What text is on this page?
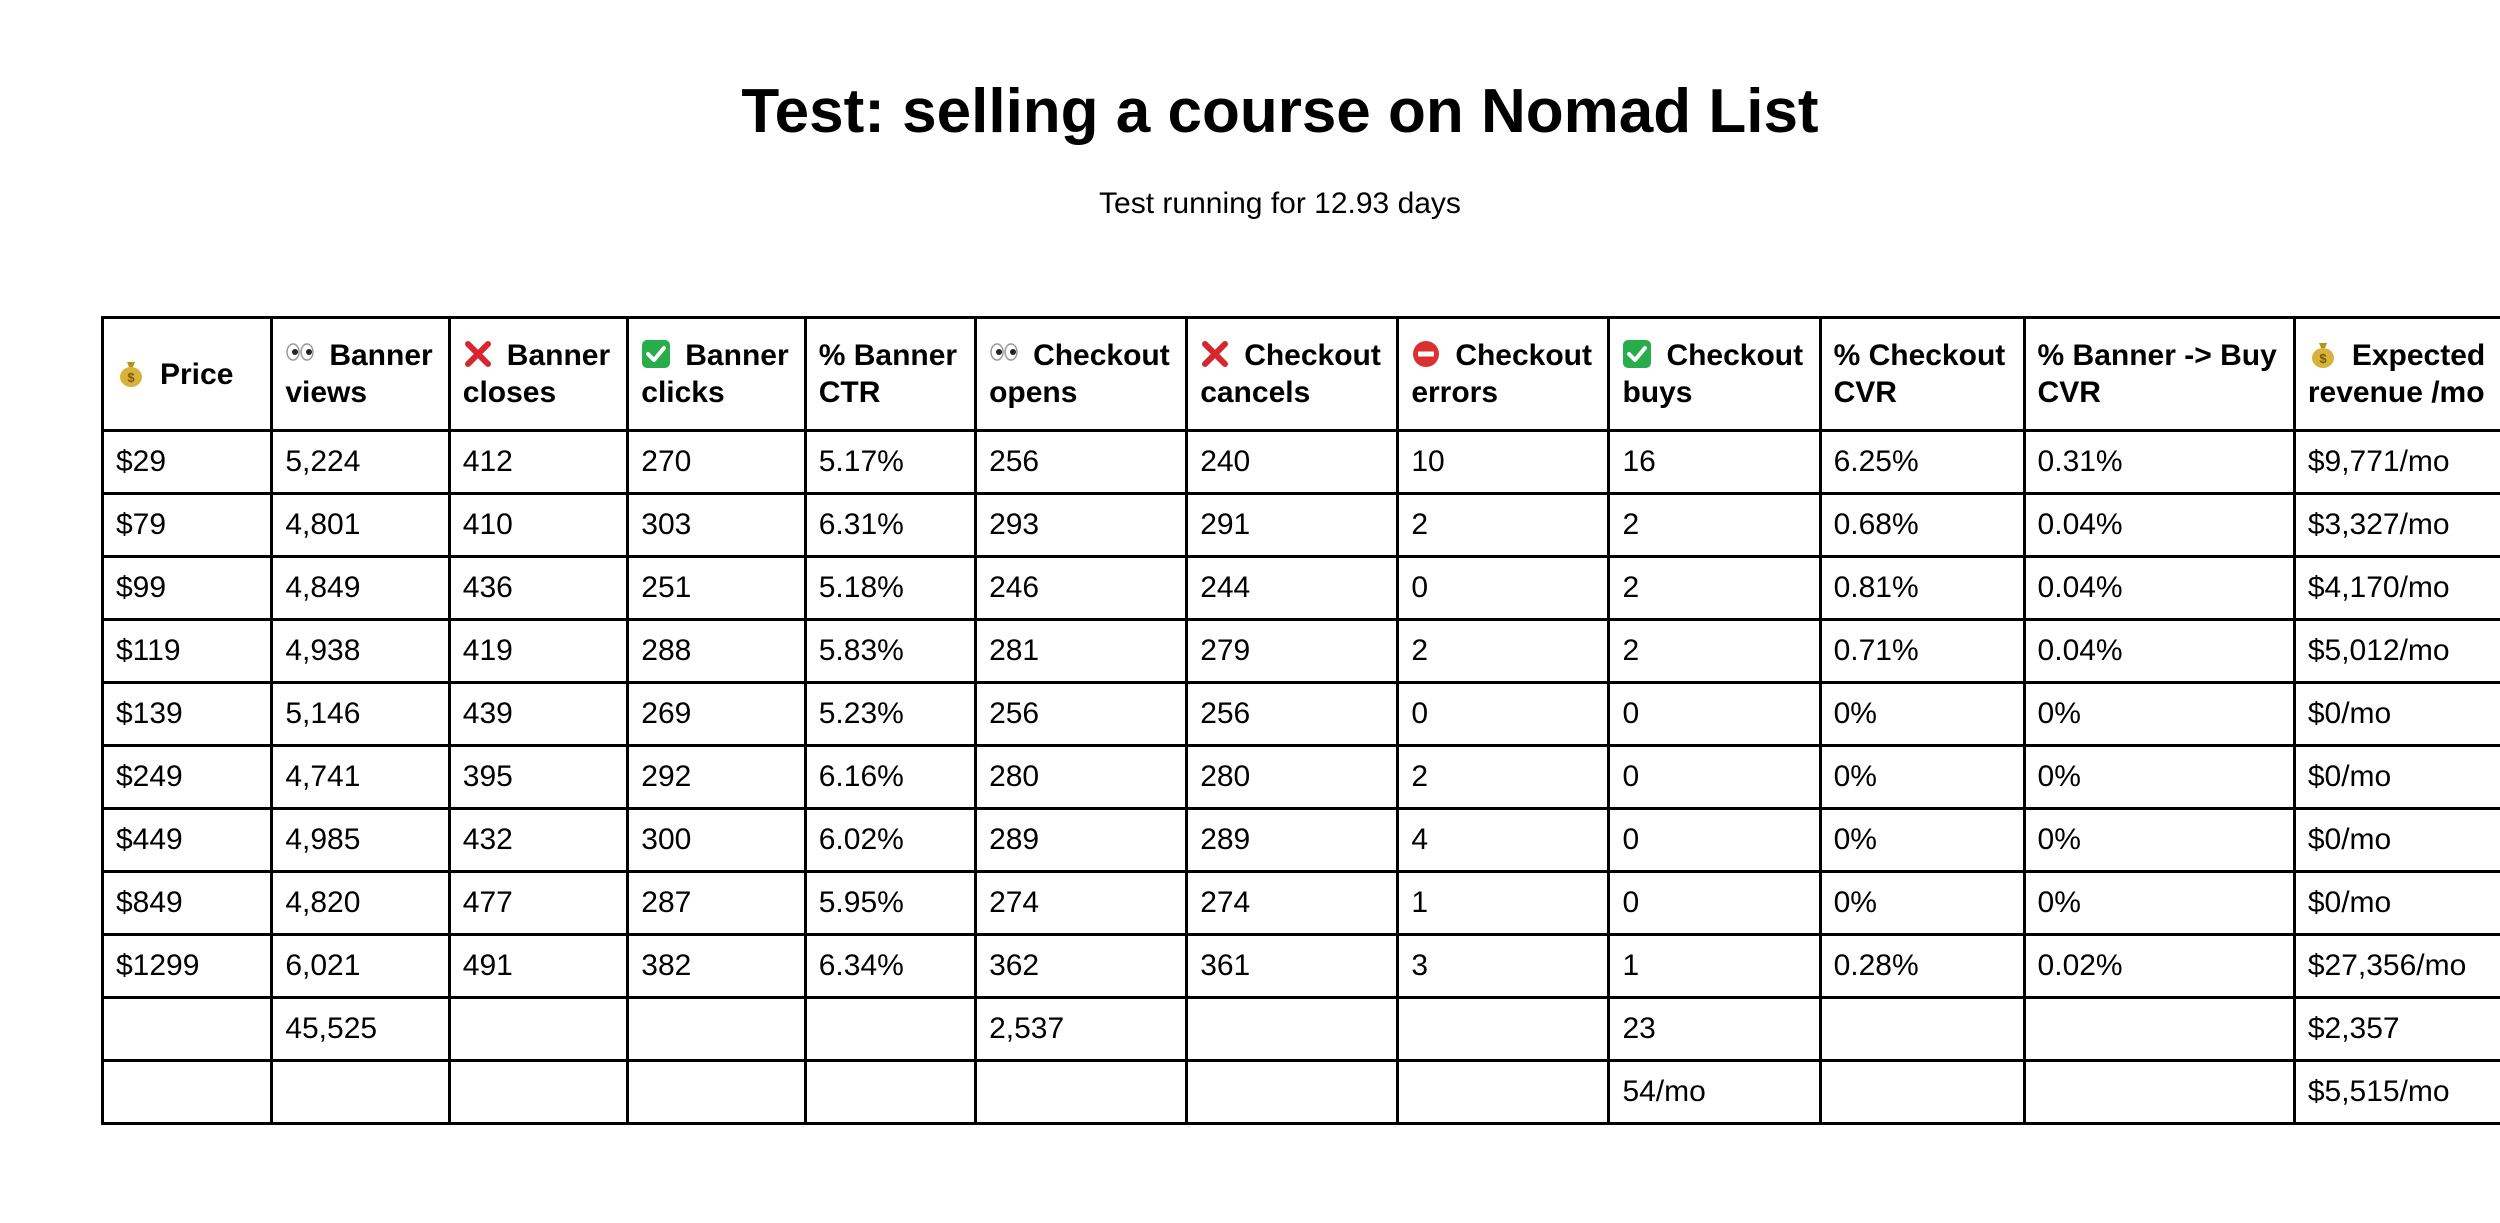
Test: selling a course on Nomad List

Test running for 12.93 days

$ Price	Banner views	Banner closes	Banner clicks	% Banner CTR	Checkout opens	Checkout cancels	Checkout errors	Checkout buys	% Checkout CVR	% Banner -> Buy CVR	$ Expected revenue /mo
$29	5,224	412	270	5.17%	256	240	10	16	6.25%	0.31%	$9,771/mo
$79	4,801	410	303	6.31%	293	291	2	2	0.68%	0.04%	$3,327/mo
$99	4,849	436	251	5.18%	246	244	0	2	0.81%	0.04%	$4,170/mo
$119	4,938	419	288	5.83%	281	279	2	2	0.71%	0.04%	$5,012/mo
$139	5,146	439	269	5.23%	256	256	0	0	0%	0%	$0/mo
$249	4,741	395	292	6.16%	280	280	2	0	0%	0%	$0/mo
$449	4,985	432	300	6.02%	289	289	4	0	0%	0%	$0/mo
$849	4,820	477	287	5.95%	274	274	1	0	0%	0%	$0/mo
$1299	6,021	491	382	6.34%	362	361	3	1	0.28%	0.02%	$27,356/mo
	45,525				2,537			23			$2,357
								54/mo			$5,515/mo
